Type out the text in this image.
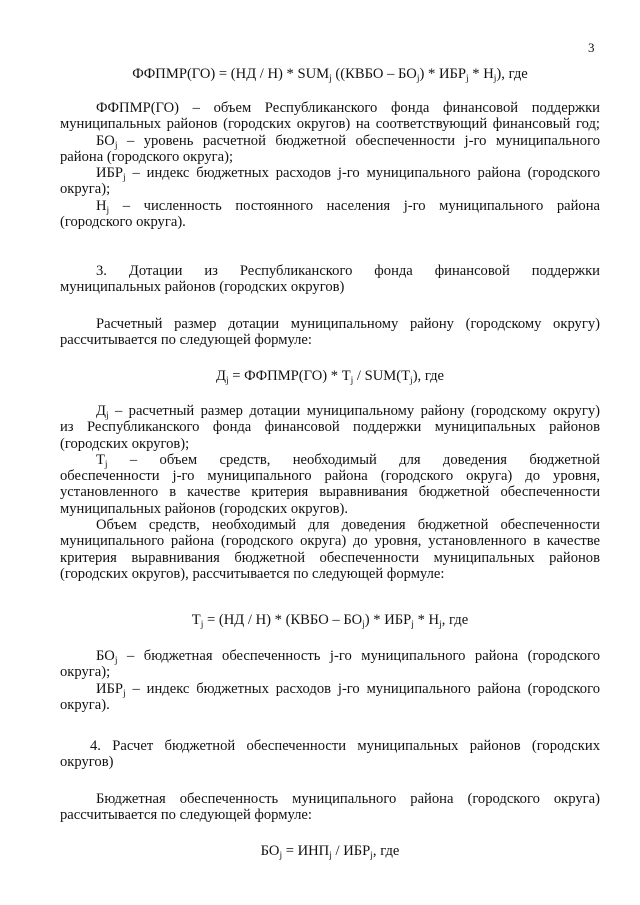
3
ФФПМР(ГО) = $(НД / Н) * SUM_j$ ((КВБО – $БО_j) * ИБР_j * Н_j$), где
ФФПМР(ГО) – объем Республиканского фонда финансовой поддержки
муниципальных районов (городских округов) на соответствующий финансовый год;
$БО_j$ – уровень расчетной бюджетной обеспеченности j-го муниципального
района (городского округа);
$ИБР_j$ – индекс бюджетных расходов j-го муниципального района (городского
округа);
$Н_j$ – численность постоянного населения j-го муниципального района
(городского округа).
3. Дотации из Республиканского фонда финансовой поддержки
муниципальных районов (городских округов)
Расчетный размер дотации муниципальному району (городскому округу)
рассчитывается по следующей формуле:
$Д_j$ = ФФПМР(ГО) * $Т_j / SUM(Т_j)$, где
$Д_j$ – расчетный размер дотации муниципальному району (городскому округу)
из Республиканского фонда финансовой поддержки муниципальных районов
(городских округов);
$Т_j$ – объем средств, необходимый для доведения бюджетной
обеспеченности j-го муниципального района (городского округа) до уровня,
установленного в качестве критерия выравнивания бюджетной обеспеченности
муниципальных районов (городских округов).
Объем средств, необходимый для доведения бюджетной обеспеченности
муниципального района (городского округа) до уровня, установленного в качестве
критерия выравнивания бюджетной обеспеченности муниципальных районов
(городских округов), рассчитывается по следующей формуле:
$Т_j = (НД / Н)$ * (КВБО – $БО_j) * ИБР_j * Н_j$, где
$БО_j$ – бюджетная обеспеченность j-го муниципального района (городского
округа);
$ИБР_j$ – индекс бюджетных расходов j-го муниципального района (городского
округа).
4. Расчет бюджетной обеспеченности муниципальных районов (городских
округов)
Бюджетная обеспеченность муниципального района (городского округа)
рассчитывается по следующей формуле:
$БО_j = ИНП_j / ИБР_j$, где
